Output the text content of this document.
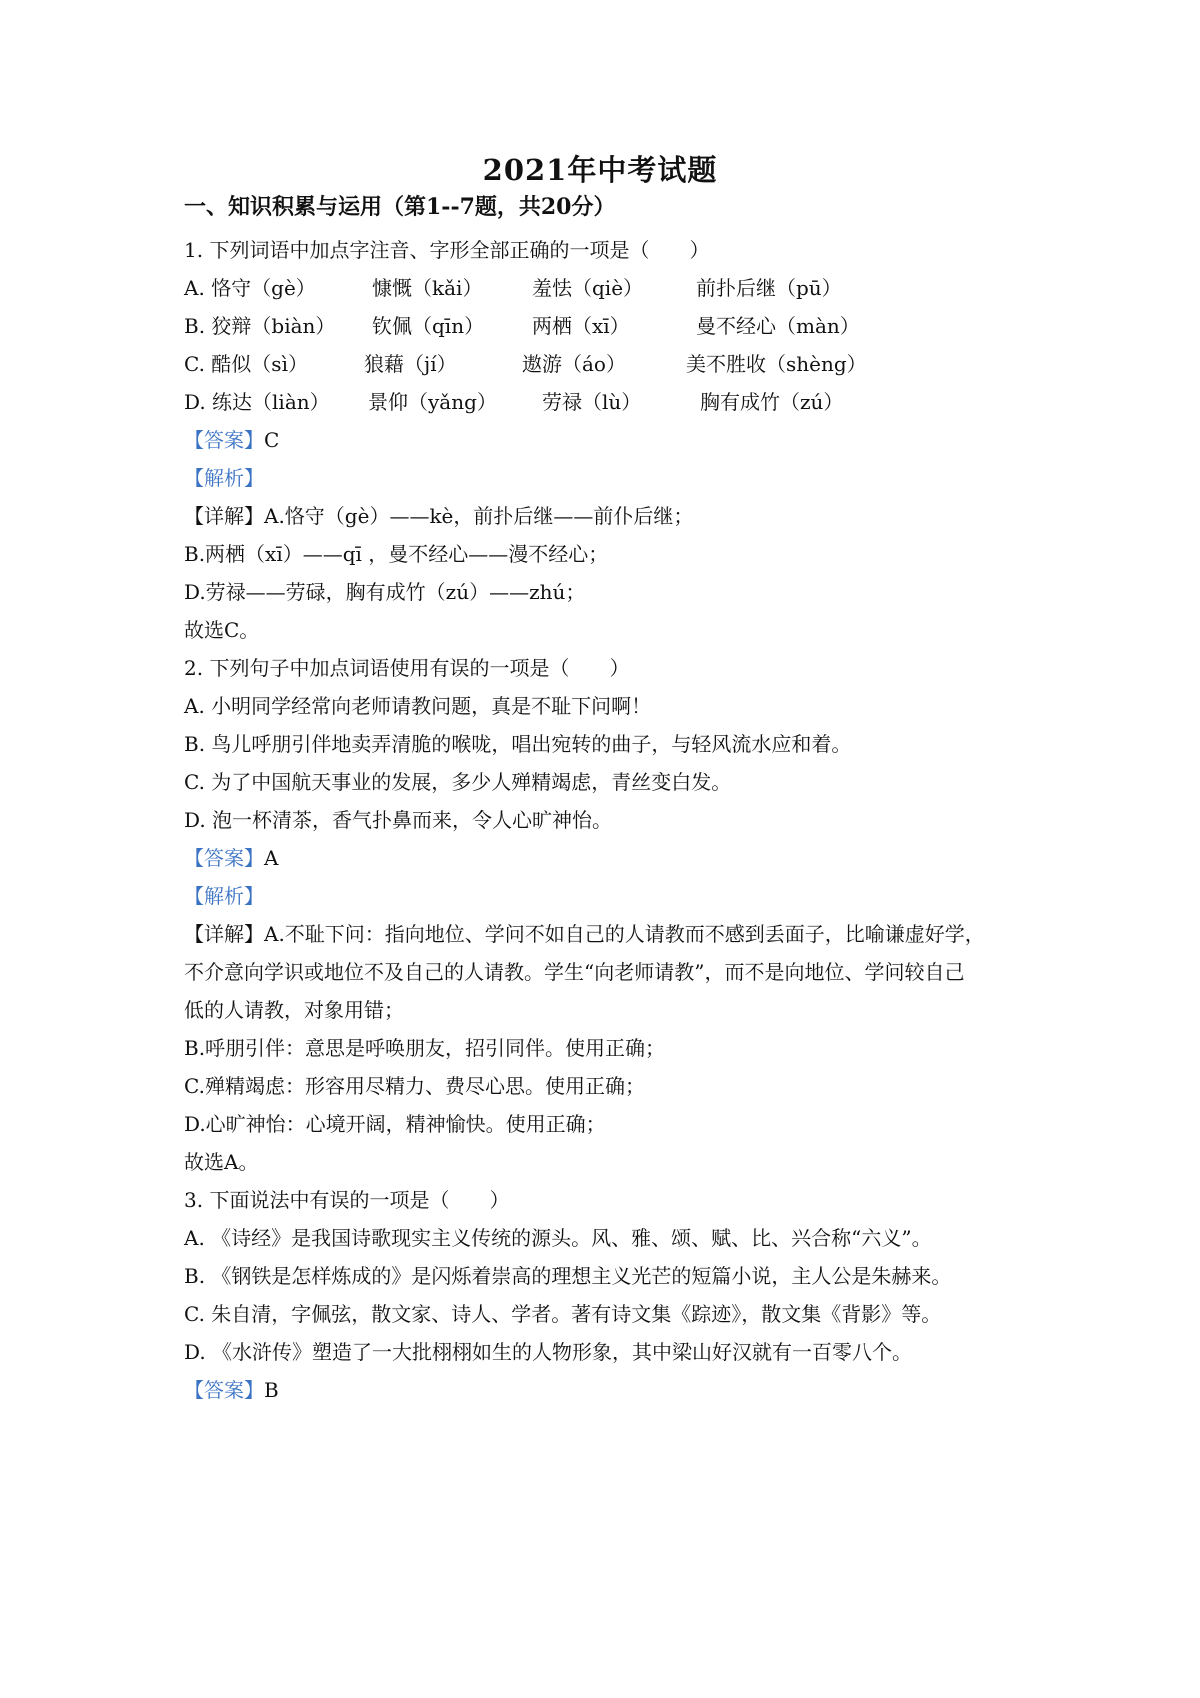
2021年中考试题
一、知识积累与运用（第1--7题，共20分）
1. 下列词语中加点字注音、字形全部正确的一项是（　　）
A. 恪守（gè）	慷慨（kǎi） 羞怯（qiè）	前扑后继（pū）
B. 狡辩（biàn） 钦佩（qīn） 两栖（xī）	曼不经心（màn）
C. 酷似（sì）	狼藉（jí）	遨游（áo）	美不胜收（shèng）
D. 练达（liàn） 景仰（yǎng） 劳禄（lù）	胸有成竹（zú）
【答案】C
【解析】
【详解】A.恪守（gè）——kè，前扑后继——前仆后继；
B.两栖（xī）——qī ，曼不经心——漫不经心；
D.劳禄——劳碌，胸有成竹（zú）——zhú；
故选C。
2. 下列句子中加点词语使用有误的一项是（　　）
A. 小明同学经常向老师请教问题，真是不耻下问啊！
B. 鸟儿呼朋引伴地卖弄清脆的喉咙，唱出宛转的曲子，与轻风流水应和着。
C. 为了中国航天事业的发展，多少人殚精竭虑，青丝变白发。
D. 泡一杯清茶，香气扑鼻而来，令人心旷神怡。
【答案】A
【解析】
【详解】A.不耻下问：指向地位、学问不如自己的人请教而不感到丢面子，比喻谦虚好学，
不介意向学识或地位不及自己的人请教。学生“向老师请教”，而不是向地位、学问较自己
低的人请教，对象用错；
B.呼朋引伴：意思是呼唤朋友，招引同伴。使用正确；
C.殚精竭虑：形容用尽精力、费尽心思。使用正确；
D.心旷神怡：心境开阔，精神愉快。使用正确；
故选A。
3. 下面说法中有误的一项是（　　）
A. 《诗经》是我国诗歌现实主义传统的源头。风、雅、颂、赋、比、兴合称“六义”。
B. 《钢铁是怎样炼成的》是闪烁着崇高的理想主义光芒的短篇小说，主人公是朱赫来。
C. 朱自清，字佩弦，散文家、诗人、学者。著有诗文集《踪迹》，散文集《背影》等。
D. 《水浒传》塑造了一大批栩栩如生的人物形象，其中梁山好汉就有一百零八个。
【答案】B
